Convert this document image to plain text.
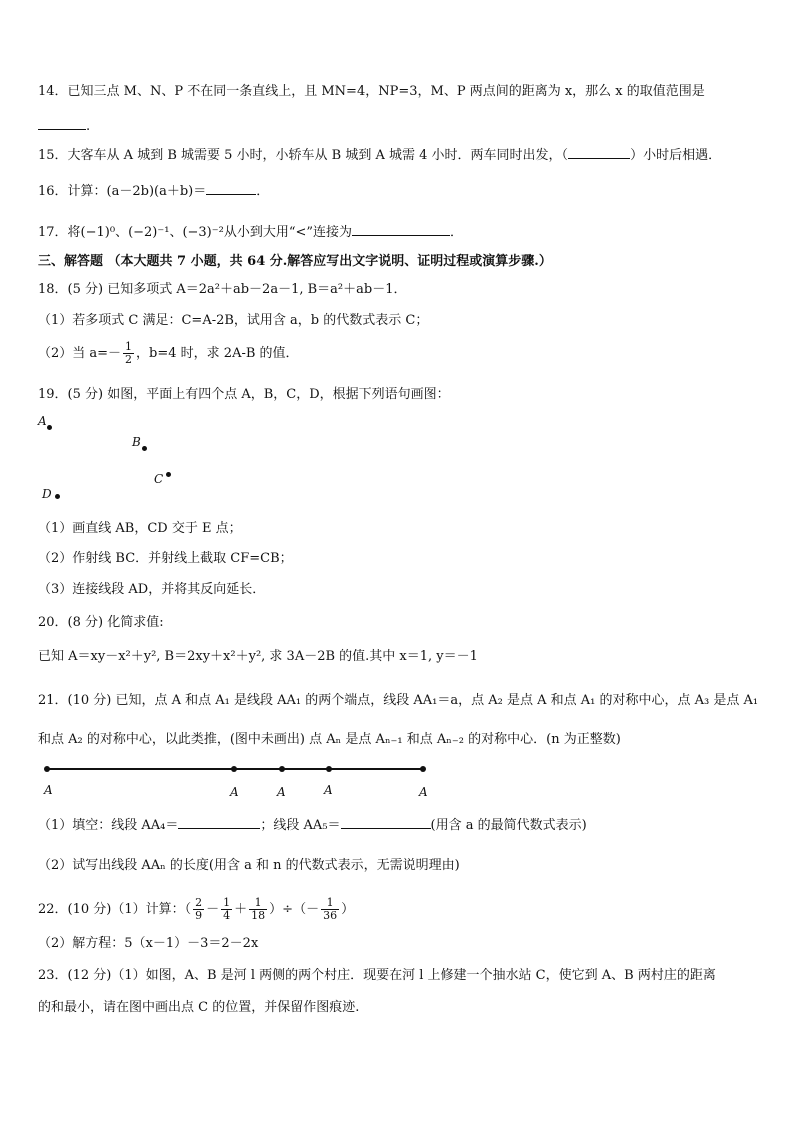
14．已知三点 M、N、P 不在同一条直线上，且 MN=4，NP=3，M、P 两点间的距离为 x，那么 x 的取值范围是
.
15．大客车从 A 城到 B 城需要 5 小时，小轿车从 B 城到 A 城需 4 小时．两车同时出发，（	）小时后相遇．
16．计算：(a－2b)(a＋b)＝	．
17．将(−1)⁰、(−2)⁻¹、(−3)⁻²从小到大用“<”连接为	．
三、解答题 （本大题共 7 小题，共 64 分.解答应写出文字说明、证明过程或演算步骤.）
18．(5 分) 已知多项式 A＝2a²＋ab－2a－1, B＝a²＋ab－1．
（1）若多项式 C 满足：C=A-2B，试用含 a，b 的代数式表示 C；
（2）当 $a=- \frac{1}{2}$ ，b=4 时，求 2A-B 的值．
19．(5 分) 如图，平面上有四个点 A，B，C，D，根据下列语句画图：
A
B
C
D
（1）画直线 AB，CD 交于 E 点；
（2）作射线 BC．并射线上截取 CF=CB；
（3）连接线段 AD，并将其反向延长．
20．(8 分) 化简求值:
已知 A＝xy－x²＋y², B＝2xy＋x²＋y², 求 3A－2B 的值.其中 x＝1, y＝－1
21．(10 分) 已知，点 A 和点 A₁ 是线段 AA₁ 的两个端点，线段 AA₁＝a，点 A₂ 是点 A 和点 A₁ 的对称中心，点 A₃ 是点 A₁
和点 A₂ 的对称中心，以此类推，(图中未画出) 点 Aₙ 是点 Aₙ₋₁ 和点 Aₙ₋₂ 的对称中心．(n 为正整数)
A	A	A	A	A
（1）填空：线段 AA₄＝	；线段 AA₅＝	(用含 a 的最简代数式表示)
（2）试写出线段 AAₙ 的长度(用含 a 和 n 的代数式表示，无需说明理由)
22．(10 分)（1）计算：（ $\frac{2}{9} - \frac{1}{4} + \frac{1}{18}$ ）÷（－ $\frac{1}{36}$ ）
（2）解方程：5（x－1）－3＝2－2x
23．(12 分)（1）如图，A、B 是河 l 两侧的两个村庄．现要在河 l 上修建一个抽水站 C，使它到 A、B 两村庄的距离
的和最小，请在图中画出点 C 的位置，并保留作图痕迹.
